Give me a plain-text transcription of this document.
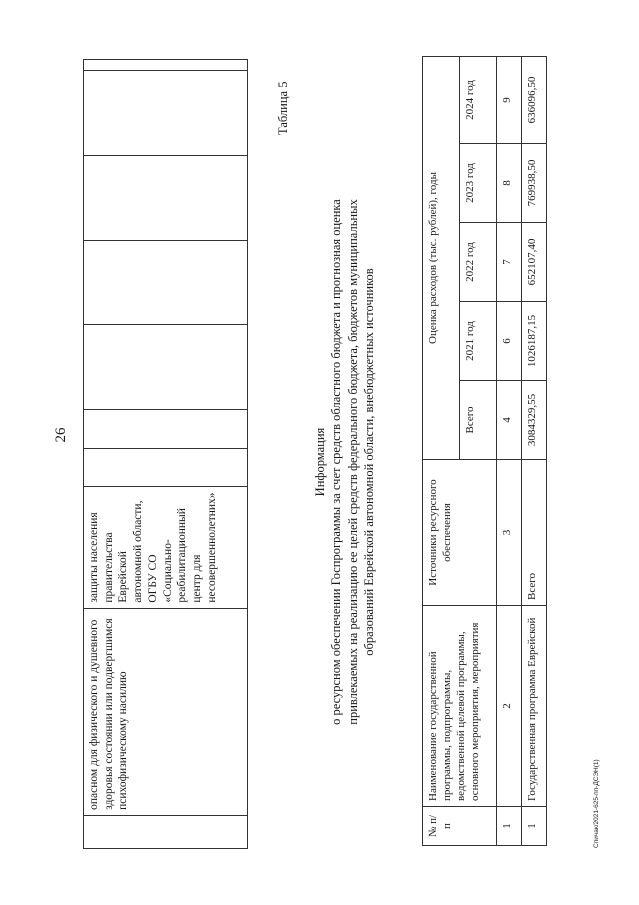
26
	опасном для физического и душевного здоровья состоянии или подвергшимся психофизическому насилию	защиты населения правительства Еврейской автономной области, ОГБУ СО «Социально-реабилитационный центр для несовершеннолетних»							
Таблица 5
Информация о ресурсном обеспечении Госпрограммы за счет средств областного бюджета и прогнозная оценка привлекаемых на реализацию ее целей средств федерального бюджета, бюджетов муниципальных образований Еврейской автономной области, внебюджетных источников
№ п/п	Наименование государственной программы, подпрограммы, ведомственной целевой программы, основного мероприятия, мероприятия	Источники ресурсного обеспечения	Оценка расходов (тыс. рублей), годы				
			Всего	2021 год	2022 год	2023 год	2024 год
1	2	3	4	6	7	8	9
1	Государственная программа Еврейской	Всего	3084329,55	1026187,15	652107,40	769938,50	636096,50
Спичак/2021-625-пп-ДСЭН(1)
